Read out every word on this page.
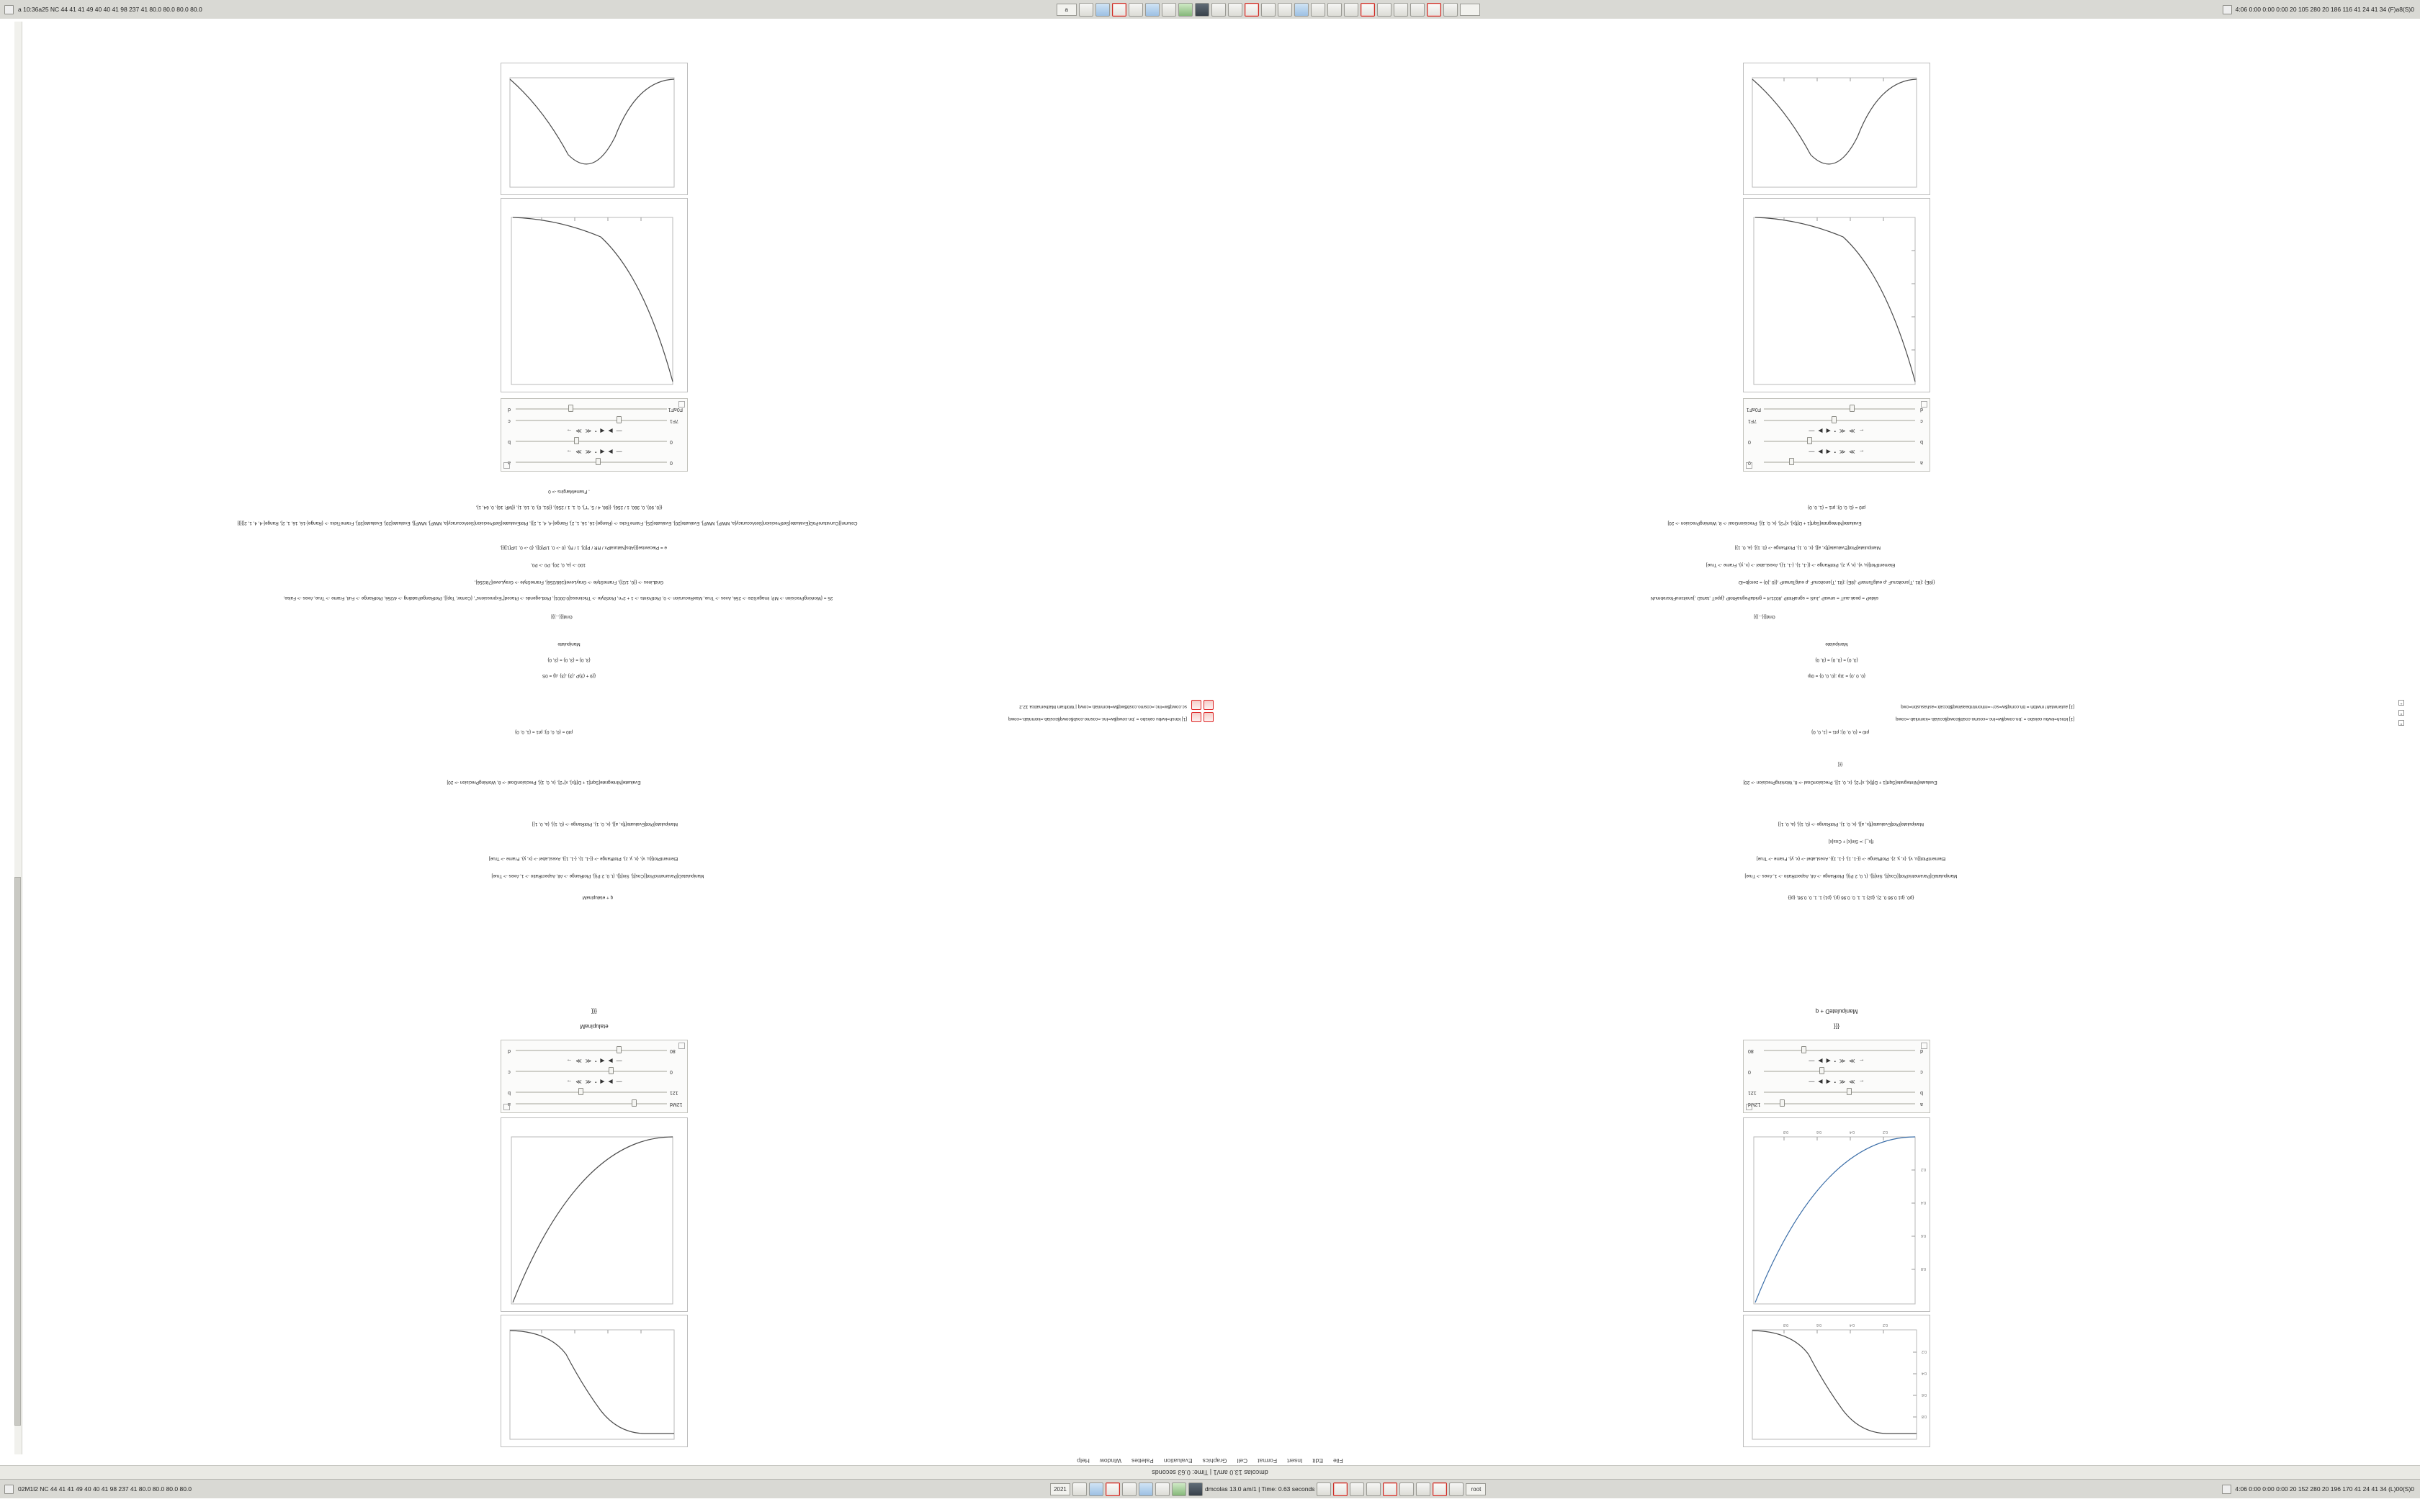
a 10:36a25 NC 44 41 41 49 40 40 41 98 237 41 80.0 80.0 80.0 80.0	a	4:06 0:00 0:00 0:00 20 105 280 20 186 116 41 24 41 34 (F)a8(S)0
dmcolas 13.0 am/1 | Time: 0.63 seconds
File
Edit
Insert
Format
Cell
Graphics
Evaluation
Palettes
Window
Help
0.2
0.4
0.6
0.8
0.2
0.4
0.6
0.8
0.2
0.4
0.6
0.8
0.2
0.4
0.6
0.8
a
12Md
b
121
←
≫
≪
⬝
◀
▶
—
c
0
←
≫
≪
⬝
◀
▶
—
d
80
{{{
ManipulateD + q
12Md
a
121
b
—
▶
◀
⬝
≪
≫
→
0
c
—
▶
◀
⬝
≪
≫
→
80
d
etalupinaM
{{{
{p0, {p1 0.96 0, 2}, {p2} 1, 1, 0, 0.96 {p}, {p1} 1, 1, 0, 0.96, {p}}
ManipulateD[ParametricPlot[{Cos[t], Sin[t]}, {t, 0, 2 Pi}], PlotRange -> All, AspectRatio -> 1, Axes -> True]
ElementPlot[{u, v}, {x, y, z}, PlotRange -> {{-1, 1}, {-1, 1}}, AxesLabel -> {x, y}, Frame -> True]
f[x_] := Sin[x] + Cos[x]
Manipulate[Plot[Evaluate[f[x, a]], {x, 0, 1}, PlotRange -> {0, 1}], {a, 0, 1}]
Evaluate[NIntegrate[Sqrt[1 + D[f[x], x]^2], {x, 0, 1}], PrecisionGoal -> 8, WorkingPrecision -> 20]
{{{
pt0 = {0, 0, 0}; pt1 = {1, 0, 0}
q + etalupinaM
ManipulateD[ParametricPlot[{Cos[t], Sin[t]}, {t, 0, 2 Pi}], PlotRange -> All, AspectRatio -> 1, Axes -> True]
ElementPlot[{u, v}, {x, y, z}, PlotRange -> {{-1, 1}, {-1, 1}}, AxesLabel -> {x, y}, Frame -> True]
Manipulate[Plot[Evaluate[f[x, a]], {x, 0, 1}, PlotRange -> {0, 1}], {a, 0, 1}]
Evaluate[NIntegrate[Sqrt[1 + D[f[x], x]^2], {x, 0, 1}], PrecisionGoal -> 8, WorkingPrecision -> 20]
pt0 = {0, 0, 0}; pt1 = {1, 0, 0}
[1] ktnsh=kwbu ceksbo = ;bn.cowq$w=Inc.=cosmo.cosb$cowq$ccslab.=komnlab.=cowq
[1] ktnsh=kwbu ceksbo = ;bn.cowq$w=Inc.=cosmo.cosb$cowq$ccslab.=komnlab.=cowq
[1] autenwtah! mwtbh = bh.comq$w=scr~=mhomtnbeaskwq$bccab:=ashasusbn=cwq
sc.cowq$w=Inc.=cosmo.cosb$wq$w=komnlab.=cowq | Wolfram Mathematica 12.2
×
×
+
{0, 0 ,0} = 1tp ;{0, 0, 0} = 0tp
{3, 0} = {3, 0} = {3, 0}
Manipulate
Grid[{{...}}]
slideP = peak.auiT = snwaP ,JuiS = sgnaRtolP ,8021/4 = gnidaPegnaRtolP ,[ppoT ,tartsD ,]snoitcnuFfosrebmuN
{{8E} ;{81 ,T}snoitcnuF ,p eulgTsmarP ,{8E} ;{81 ,T}snoitcnuF ,p eulgTsmarP ,{{0 ,}0} = zero]b=iD
ElementPlot[{u, v}, {x, y, z}, PlotRange -> {{-1, 1}, {-1, 1}}, AxesLabel -> {x, y}, Frame -> True]
Manipulate[Plot[Evaluate[f[x, a]], {x, 0, 1}, PlotRange -> {0, 1}], {a, 0, 1}]
Evaluate[NIntegrate[Sqrt[1 + D[f[x], x]^2], {x, 0, 1}], PrecisionGoal -> 8, WorkingPrecision -> 20]
pt0 = {0, 0, 0}; pt1 = {1, 0, 0}
{{9 + (3)P ,{3} ,{3} ,q} = 0S
{3, 0} = {3, 0} = {3, 0}
Manipulate
Grid[{{...}}]
25 = {WorkingPrecision -> MP, ImageSize -> 256, Axes -> True, MaxRecursion -> 0, PlotPoints -> 1 + 2^n, PlotStyle -> Thickness[0.0001], PlotLegends -> Placed["Expressions", {Center, Top}], PlotRangePadding -> 4/256, PlotRange -> Full, Frame -> True, Axes -> False,
GridLines -> {{0, 1/2}}, FrameStyle -> GrayLevel[168/256], FrameStyle -> GrayLevel[78/256],
100 -> {a, 0, 20}, P0 -> P0,
e = Piecewise[{{Abs[NaturalPx / RR / P[0], 1 / R}, {0 -> 0, 1/P[0]}, {0 -> 0, 1/P[1]}}],
Column[{CurvaturePoD[Evaluate[SetPrecision[SetAccuracy[a, MWP], MWP], Evaluate[20], Evaluate[25], FrameTicks -> {Range[-16, 16, 1, 2], Range[-4, 4, 1, 2]}, PlotEvaluate[SetPrecision[SetAccuracy[a, MWP], MWP]], Evaluate[20], Evaluate[30], FrameTicks -> {Range[-16, 16, 1, 2], Range[-4, 4, 1, 2]}]}]
{{0, 90}, 0, 360, 1 / 256}, {{98, 4 / 5, "t"}, 0, 1, 1 / 256}, {{91, 0}, 0, 16, 1}, {{MP, 16}, 0, 64, 1},
, FrameMargins -> 0
a
0
←
≫
≪
⬝
◀
▶
—
b
0
←
≫
≪
⬝
◀
▶
—
c
7F1
d
F0aF1
0
a
—
▶
◀
⬝
≪
≫
→
0
b
—
▶
◀
⬝
≪
≫
→
7F1
c
F0aF1
d
02M1l2 NC 44 41 41 49 40 40 41 98 237 41 80.0 80.0 80.0 80.0	2021	dmcolas 13.0 am/1 | Time: 0.63 seconds	root	4:06 0:00 0:00 0:00 20 152 280 20 196 170 41 24 41 34 (L)00(S)0
